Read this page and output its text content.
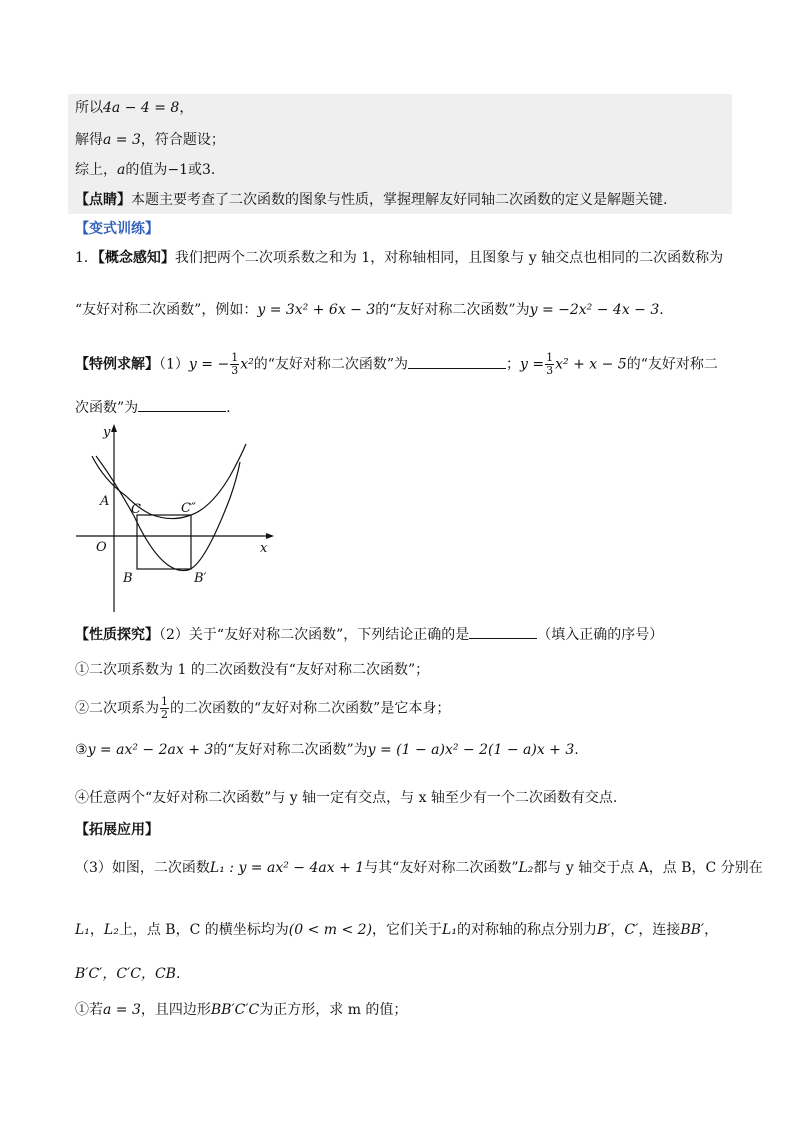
所以4a − 4 = 8，
解得a = 3，符合题设；
综上，a的值为−1或3.
【点睛】本题主要考查了二次函数的图象与性质，掌握理解友好同轴二次函数的定义是解题关键.
【变式训练】
1．【概念感知】我们把两个二次项系数之和为 1，对称轴相同，且图象与 y 轴交点也相同的二次函数称为
“友好对称二次函数”，例如：y = 3x² + 6x − 3的“友好对称二次函数”为y = −2x² − 4x − 3.
【特例求解】（1）y = − $\frac{1}{3} x^2$的“友好对称二次函数”为	；$y = \frac{1}{3} x^2 + x - 5$的“友好对称二
次函数”为	.
y
x
O
A
C	C″
B	B′
【性质探究】（2）关于“友好对称二次函数”，下列结论正确的是	（填入正确的序号）
①二次项系数为 1 的二次函数没有“友好对称二次函数”；
②二次项系为 $\frac{1}{2}$ 的二次函数的“友好对称二次函数”是它本身；
③y = ax² − 2ax + 3的“友好对称二次函数”为y = (1 − a)x² − 2(1 − a)x + 3.
④任意两个“友好对称二次函数”与 y 轴一定有交点，与 x 轴至少有一个二次函数有交点.
【拓展应用】
（3）如图，二次函数L₁ : y = ax² − 4ax + 1与其“友好对称二次函数”L₂都与 y 轴交于点 A，点 B，C 分别在
L₁，L₂上，点 B，C 的横坐标均为(0 < m < 2)，它们关于L₁的对称轴的称点分别力B′，C′，连接BB′，
B′C′，C′C，CB.
①若a = 3，且四边形BB′C′C为正方形，求 m 的值；
